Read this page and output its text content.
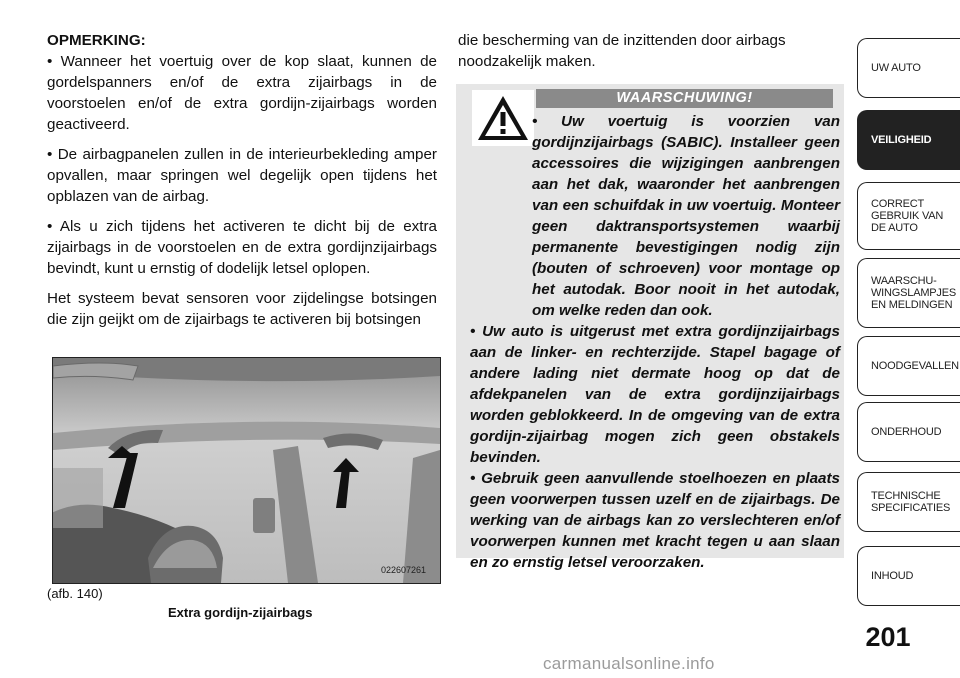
OPMERKING:

• Wanneer het voertuig over de kop slaat, kunnen de gordelspanners en/of de extra zijairbags in de voorstoelen en/of de extra gordijn-zijairbags worden geactiveerd.

• De airbagpanelen zullen in de interieurbekleding amper opvallen, maar springen wel degelijk open tijdens het opblazen van de airbag.

• Als u zich tijdens het activeren te dicht bij de extra zijairbags in de voorstoelen en de extra gordijnzijairbags bevindt, kunt u ernstig of dodelijk letsel oplopen.

Het systeem bevat sensoren voor zijdelingse botsingen die zijn geijkt om de zijairbags te activeren bij botsingen

022607261
(afb. 140)
Extra gordijn-zijairbags
die bescherming van de inzittenden door airbags noodzakelijk maken.
WAARSCHUWING!

• Uw voertuig is voorzien van gordijnzijairbags (SABIC). Installeer geen accessoires die wijzigingen aanbrengen aan het dak, waaronder het aanbrengen van een schuifdak in uw voertuig. Monteer geen daktransportsystemen waarbij permanente bevestigingen nodig zijn (bouten of schroeven) voor montage op het autodak. Boor nooit in het autodak, om welke reden dan ook.

• Uw auto is uitgerust met extra gordijnzijairbags aan de linker- en rechterzijde. Stapel bagage of andere lading niet dermate hoog op dat de afdekpanelen van de extra gordijnzijairbags worden geblokkeerd. In de omgeving van de extra gordijn-zijairbag mogen zich geen obstakels bevinden.

• Gebruik geen aanvullende stoelhoezen en plaats geen voorwerpen tussen uzelf en de zijairbags. De werking van de airbags kan zo verslechteren en/of voorwerpen kunnen met kracht tegen u aan slaan en zo ernstig letsel veroorzaken.

UW AUTO
VEILIGHEID
CORRECT GEBRUIK VAN DE AUTO
WAARSCHU-WINGSLAMPJES EN MELDINGEN
NOODGEVALLEN
ONDERHOUD
TECHNISCHE SPECIFICATIES
INHOUD
201
carmanualsonline.info
